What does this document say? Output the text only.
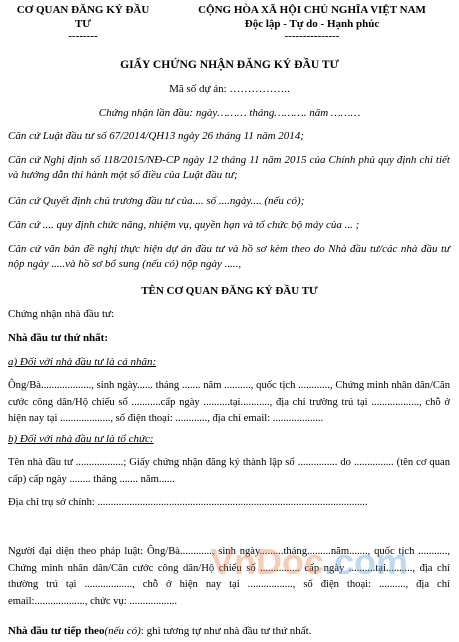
CƠ QUAN ĐĂNG KÝ ĐẦU
TƯ
--------
CỘNG HÒA XÃ HỘI CHỦ NGHĨA VIỆT NAM
Độc lập - Tự do - Hạnh phúc
---------------
GIẤY CHỨNG NHẬN ĐĂNG KÝ ĐẦU TƯ
Mã số dự án: ……………..
Chứng nhận lần đầu: ngày……… tháng………. năm ………
Căn cứ Luật đầu tư số 67/2014/QH13 ngày 26 tháng 11 năm 2014;
Căn cứ Nghị định số 118/2015/NĐ-CP ngày 12 tháng 11 năm 2015 của Chính phủ quy định chi tiết và hướng dẫn thi hành một số điều của Luật đầu tư;
Căn cứ Quyết định chủ trương đầu tư của.... số ....ngày.... (nếu có);
Căn cứ .... quy định chức năng, nhiệm vụ, quyền hạn và tổ chức bộ máy của ... ;
Căn cứ văn bản đề nghị thực hiện dự án đầu tư và hồ sơ kèm theo do Nhà đầu tư/các nhà đầu tư nộp ngày .....và hồ sơ bổ sung (nếu có) nộp ngày .....,
TÊN CƠ QUAN ĐĂNG KÝ ĐẦU TƯ
Chứng nhận nhà đầu tư:
Nhà đầu tư thứ nhất:
a) Đối với nhà đầu tư là cá nhân:
Ông/Bà..................., sinh ngày...... tháng ....... năm .........., quốc tịch ............, Chứng minh nhân dân/Căn cước công dân/Hộ chiếu số ...........cấp ngày ..........tại..........., địa chỉ trường trú tại .................., chỗ ở hiện nay tại ..................., số điện thoại: ............, địa chỉ email: ...................
b) Đối với nhà đầu tư là tổ chức:
Tên nhà đầu tư ..................; Giấy chứng nhận đăng ký thành lập số ............... do ............... (tên cơ quan cấp) cấp ngày ........ tháng ....... năm......
Địa chỉ trụ sở chính: ......................................................................................................
Người đại diện theo pháp luật: Ông/Bà............, sinh ngày.........tháng.........năm......., quốc tịch ..........., Chứng minh nhân dân/Căn cước công dân/Hộ chiếu số ............... cấp ngày ..........tại.........., địa chỉ thường trú tại .................., chỗ ở hiện nay tại ................., số điện thoại: .........., địa chỉ email:..................., chức vụ: ..................
Nhà đầu tư tiếp theo(nếu có): ghi tương tự như nhà đầu tư thứ nhất.
VnDoc.com
